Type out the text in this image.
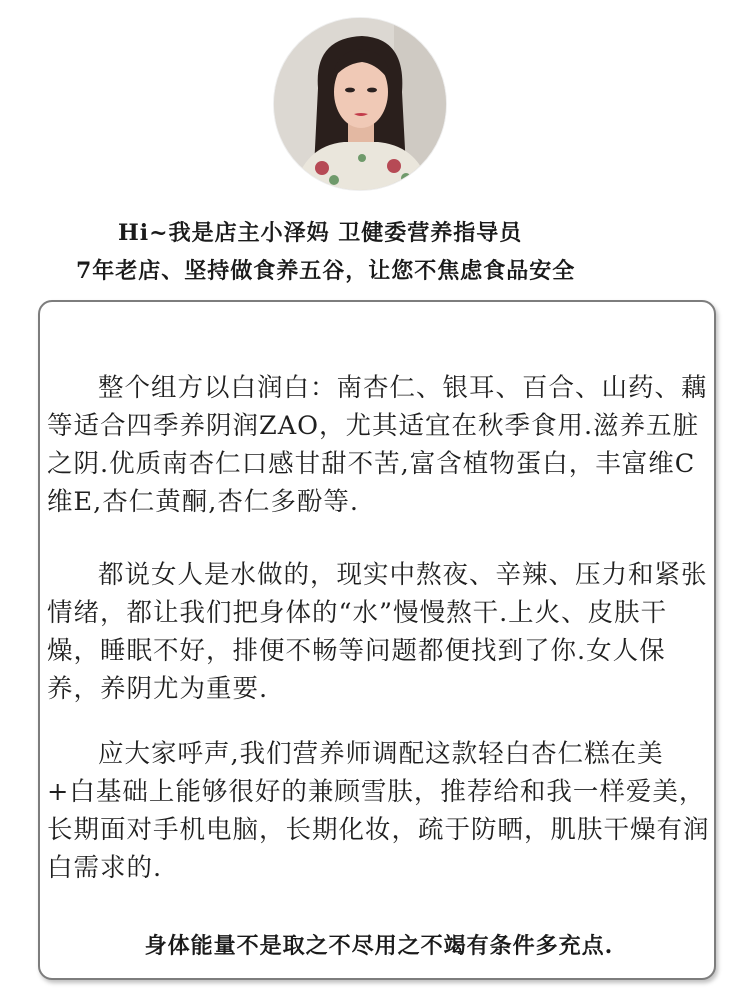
Hi~我是店主小泽妈 卫健委营养指导员
7年老店、坚持做食养五谷，让您不焦虑食品安全

整个组方以白润白：南杏仁、银耳、百合、山药、藕等适合四季养阴润ZAO，尤其适宜在秋季食用.滋养五脏之阴.优质南杏仁口感甘甜不苦,富含植物蛋白，丰富维C维E,杏仁黄酮,杏仁多酚等.

都说女人是水做的，现实中熬夜、辛辣、压力和紧张情绪，都让我们把身体的“水”慢慢熬干.上火、皮肤干燥，睡眠不好，排便不畅等问题都便找到了你.女人保养，养阴尤为重要.

应大家呼声,我们营养师调配这款轻白杏仁糕在美+白基础上能够很好的兼顾雪肤，推荐给和我一样爱美，长期面对手机电脑，长期化妆，疏于防晒，肌肤干燥有润白需求的.

身体能量不是取之不尽用之不竭有条件多充点.
